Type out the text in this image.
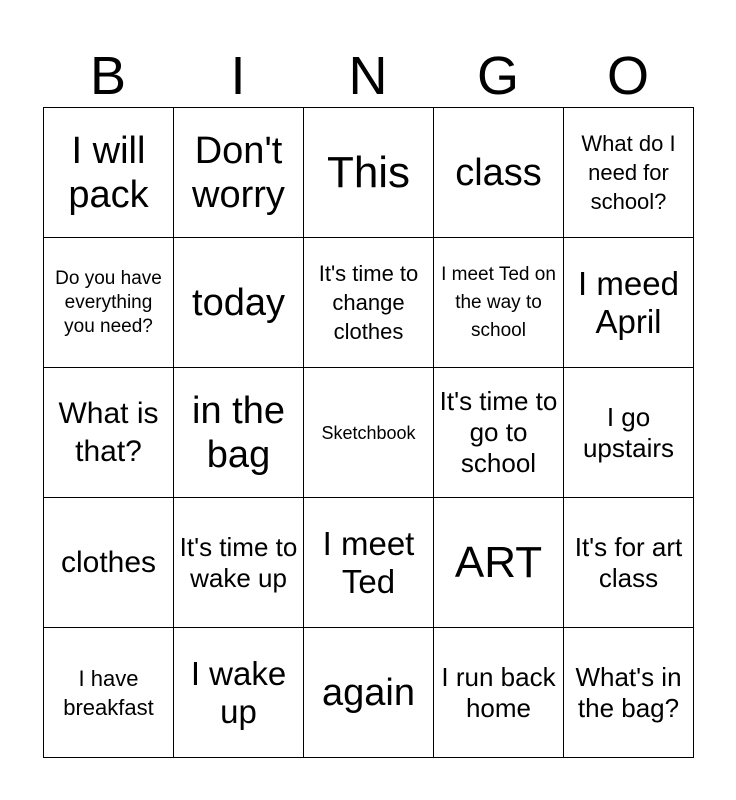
B	I	N	G	O
I will pack	Don't worry	This	class	What do I need for school?
Do you have everything you need?	today	It's time to change clothes	I meet Ted on the way to school	I meed April
What is that?	in the bag	Sketchbook	It's time to go to school	I go upstairs
clothes	It's time to wake up	I meet Ted	ART	It's for art class
I have breakfast	I wake up	again	I run back home	What's in the bag?
